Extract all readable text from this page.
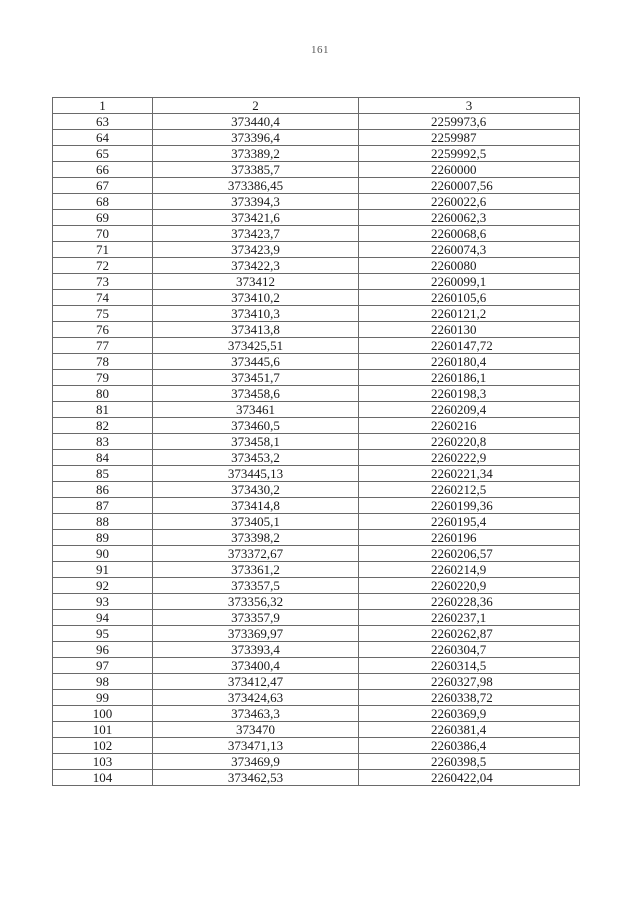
161
1	2	3
63	373440,4	2259973,6
64	373396,4	2259987
65	373389,2	2259992,5
66	373385,7	2260000
67	373386,45	2260007,56
68	373394,3	2260022,6
69	373421,6	2260062,3
70	373423,7	2260068,6
71	373423,9	2260074,3
72	373422,3	2260080
73	373412	2260099,1
74	373410,2	2260105,6
75	373410,3	2260121,2
76	373413,8	2260130
77	373425,51	2260147,72
78	373445,6	2260180,4
79	373451,7	2260186,1
80	373458,6	2260198,3
81	373461	2260209,4
82	373460,5	2260216
83	373458,1	2260220,8
84	373453,2	2260222,9
85	373445,13	2260221,34
86	373430,2	2260212,5
87	373414,8	2260199,36
88	373405,1	2260195,4
89	373398,2	2260196
90	373372,67	2260206,57
91	373361,2	2260214,9
92	373357,5	2260220,9
93	373356,32	2260228,36
94	373357,9	2260237,1
95	373369,97	2260262,87
96	373393,4	2260304,7
97	373400,4	2260314,5
98	373412,47	2260327,98
99	373424,63	2260338,72
100	373463,3	2260369,9
101	373470	2260381,4
102	373471,13	2260386,4
103	373469,9	2260398,5
104	373462,53	2260422,04
